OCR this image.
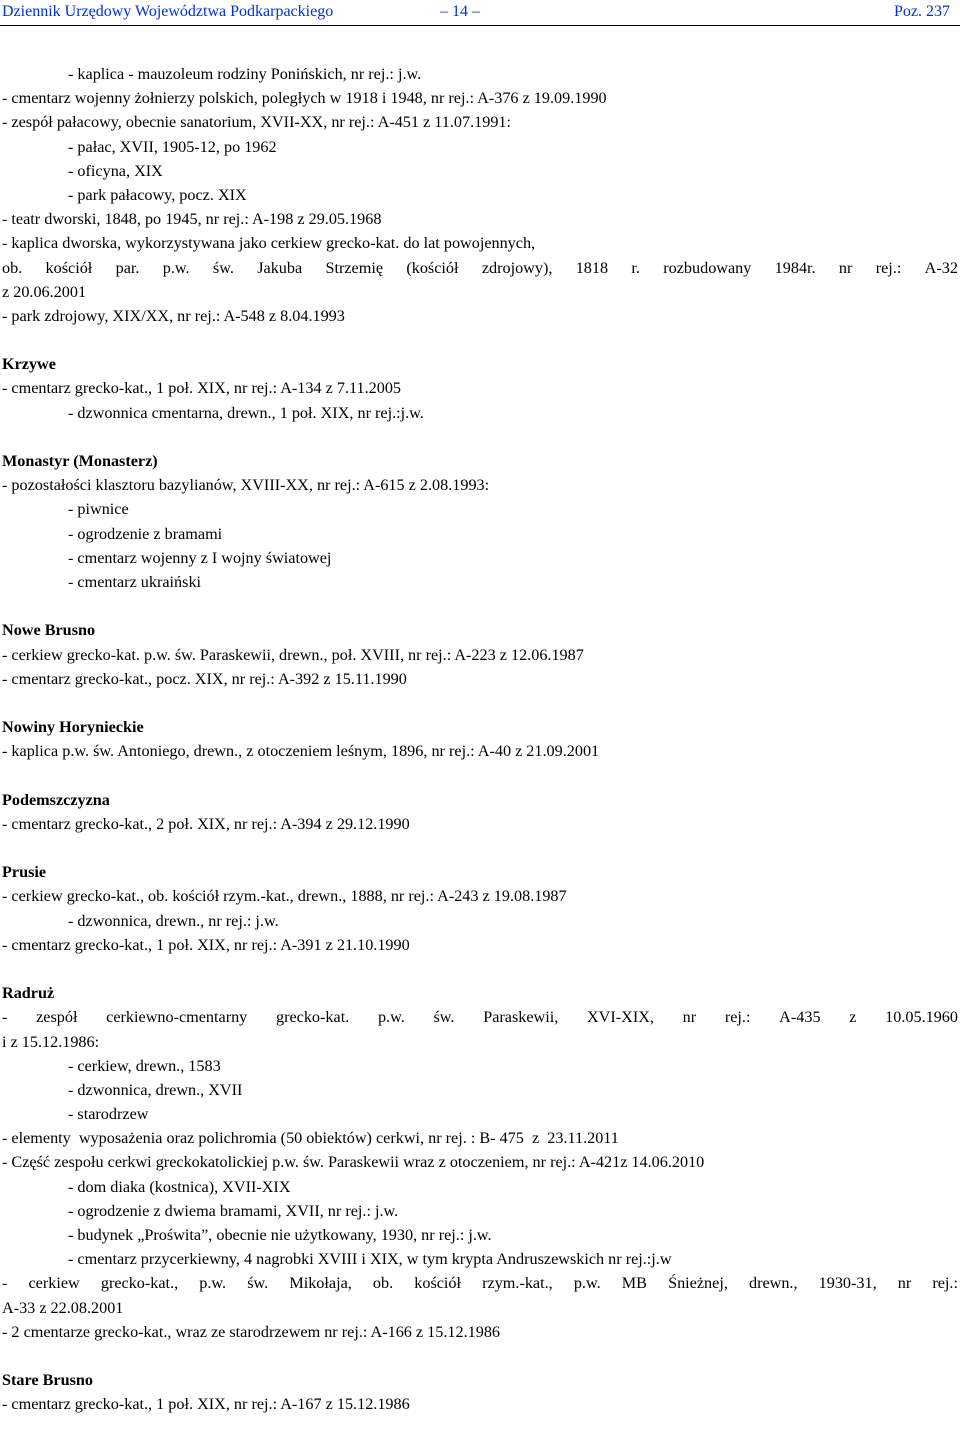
Dziennik Urzędowy Województwa Podkarpackiego	– 14 –	Poz. 237
- kaplica - mauzoleum rodziny Ponińskich, nr rej.: j.w.
- cmentarz wojenny żołnierzy polskich, poległych w 1918 i 1948, nr rej.: A-376 z 19.09.1990
- zespół pałacowy, obecnie sanatorium, XVII-XX, nr rej.: A-451 z 11.07.1991:
- pałac, XVII, 1905-12, po 1962
- oficyna, XIX
- park pałacowy, pocz. XIX
- teatr dworski, 1848, po 1945, nr rej.: A-198 z 29.05.1968
- kaplica dworska, wykorzystywana jako cerkiew grecko-kat. do lat powojennych,
ob. kościół par. p.w. św. Jakuba Strzemię (kościół zdrojowy), 1818 r. rozbudowany 1984r. nr rej.: A-32
z 20.06.2001
- park zdrojowy, XIX/XX, nr rej.: A-548 z 8.04.1993
Krzywe
- cmentarz grecko-kat., 1 poł. XIX, nr rej.: A-134 z 7.11.2005
- dzwonnica cmentarna, drewn., 1 poł. XIX, nr rej.:j.w.
Monastyr (Monasterz)
- pozostałości klasztoru bazylianów, XVIII-XX, nr rej.: A-615 z 2.08.1993:
- piwnice
- ogrodzenie z bramami
- cmentarz wojenny z I wojny światowej
- cmentarz ukraiński
Nowe Brusno
- cerkiew grecko-kat. p.w. św. Paraskewii, drewn., poł. XVIII, nr rej.: A-223 z 12.06.1987
- cmentarz grecko-kat., pocz. XIX, nr rej.: A-392 z 15.11.1990
Nowiny Horynieckie
- kaplica p.w. św. Antoniego, drewn., z otoczeniem leśnym, 1896, nr rej.: A-40 z 21.09.2001
Podemszczyzna
- cmentarz grecko-kat., 2 poł. XIX, nr rej.: A-394 z 29.12.1990
Prusie
- cerkiew grecko-kat., ob. kościół rzym.-kat., drewn., 1888, nr rej.: A-243 z 19.08.1987
- dzwonnica, drewn., nr rej.: j.w.
- cmentarz grecko-kat., 1 poł. XIX, nr rej.: A-391 z 21.10.1990
Radruż
- zespół cerkiewno-cmentarny grecko-kat. p.w. św. Paraskewii, XVI-XIX, nr rej.: A-435 z 10.05.1960
i z 15.12.1986:
- cerkiew, drewn., 1583
- dzwonnica, drewn., XVII
- starodrzew
- elementy  wyposażenia oraz polichromia (50 obiektów) cerkwi, nr rej. : B- 475  z  23.11.2011
- Część zespołu cerkwi greckokatolickiej p.w. św. Paraskewii wraz z otoczeniem, nr rej.: A-421z 14.06.2010
- dom diaka (kostnica), XVII-XIX
- ogrodzenie z dwiema bramami, XVII, nr rej.: j.w.
- budynek „Proświta”, obecnie nie użytkowany, 1930, nr rej.: j.w.
- cmentarz przycerkiewny, 4 nagrobki XVIII i XIX, w tym krypta Andruszewskich nr rej.:j.w
- cerkiew grecko-kat., p.w. św. Mikołaja, ob. kościół rzym.-kat., p.w. MB Śnieżnej, drewn., 1930-31, nr rej.:
A-33 z 22.08.2001
- 2 cmentarze grecko-kat., wraz ze starodrzewem nr rej.: A-166 z 15.12.1986
Stare Brusno
- cmentarz grecko-kat., 1 poł. XIX, nr rej.: A-167 z 15.12.1986
